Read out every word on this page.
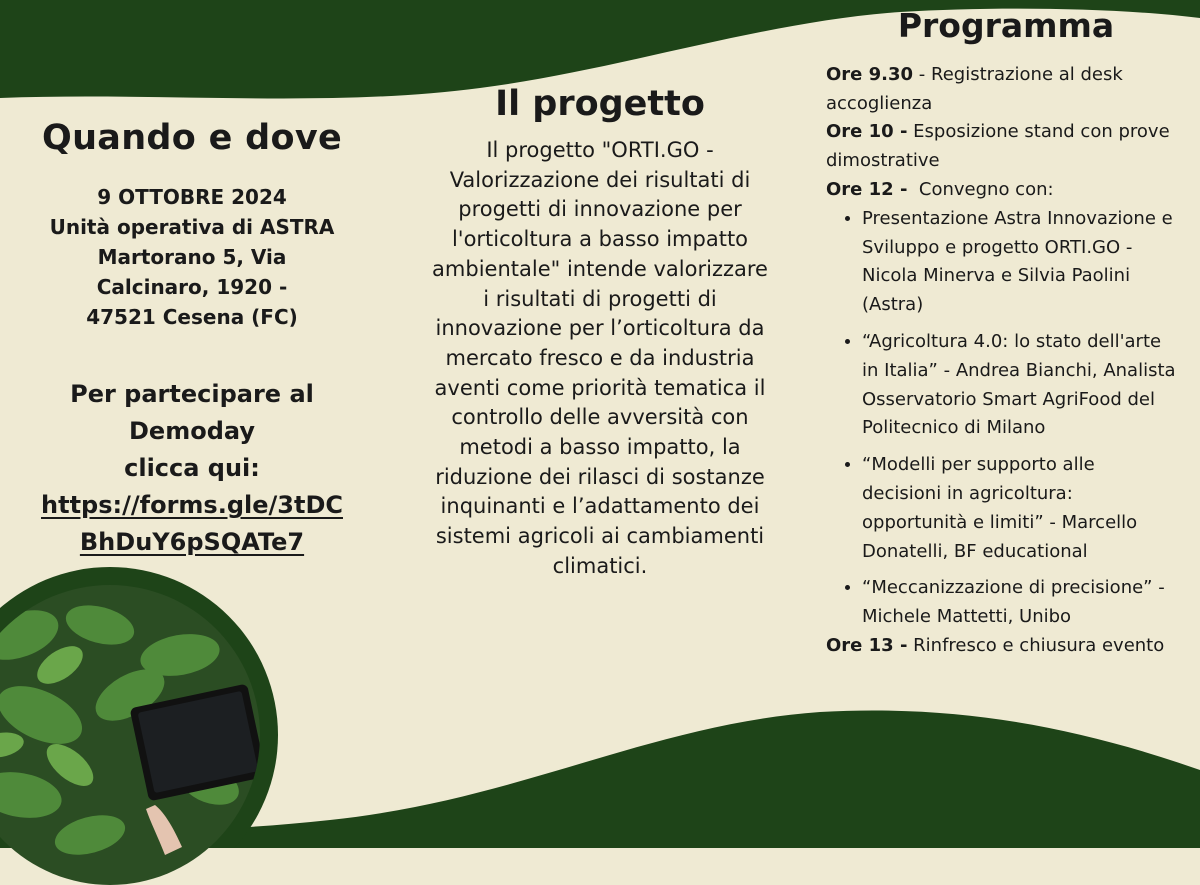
Quando e dove
9 OTTOBRE 2024
Unità operativa di ASTRA
Martorano 5, Via
Calcinaro, 1920 -
47521 Cesena (FC)
Per partecipare al
Demoday
clicca qui:
https://forms.gle/3tDCBhDuY6pSQATe7
Il progetto

Il progetto "ORTI.GO - Valorizzazione dei risultati di progetti di innovazione per l'orticoltura a basso impatto ambientale" intende valorizzare i risultati di progetti di innovazione per l’orticoltura da mercato fresco e da industria aventi come priorità tematica il controllo delle avversità con metodi a basso impatto, la riduzione dei rilasci di sostanze inquinanti e l’adattamento dei sistemi agricoli ai cambiamenti climatici.

Programma
Ore 9.30 - Registrazione al desk accoglienza
Ore 10 - Esposizione stand con prove dimostrative
Ore 12 -  Convegno con:
• Presentazione Astra Innovazione e Sviluppo e progetto ORTI.GO - Nicola Minerva e Silvia Paolini (Astra)
• “Agricoltura 4.0: lo stato dell'arte in Italia” - Andrea Bianchi, Analista Osservatorio Smart AgriFood del Politecnico di Milano
• “Modelli per supporto alle decisioni in agricoltura: opportunità e limiti” - Marcello Donatelli, BF educational
• “Meccanizzazione di precisione” - Michele Mattetti, Unibo
Ore 13 - Rinfresco e chiusura evento
